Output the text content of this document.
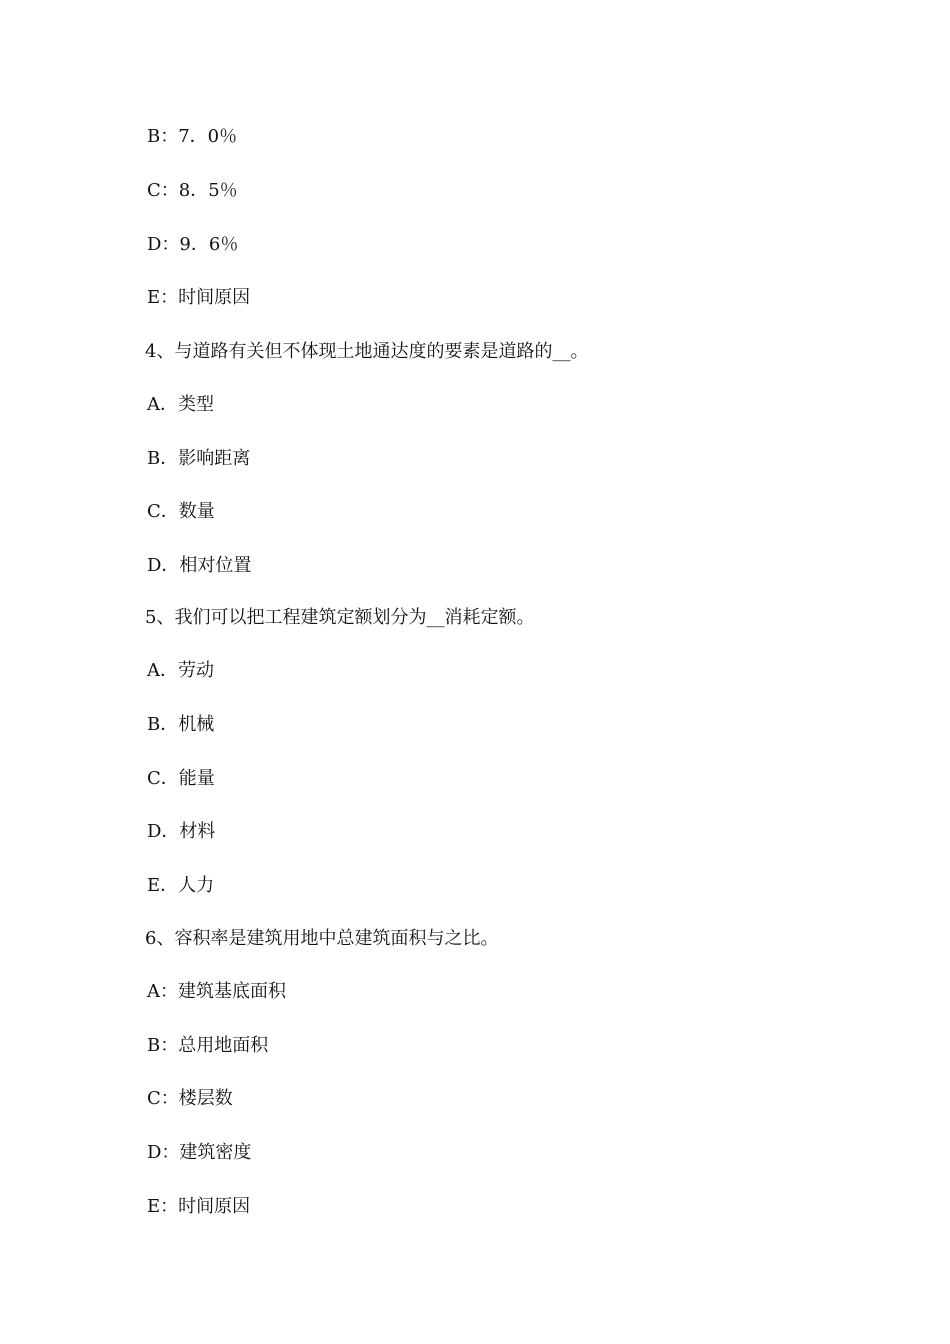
B：7．0％
C：8．5％
D：9．6％
E：时间原因
4、与道路有关但不体现土地通达度的要素是道路的__。
A．类型
B．影响距离
C．数量
D．相对位置
5、我们可以把工程建筑定额划分为__消耗定额。
A．劳动
B．机械
C．能量
D．材料
E．人力
6、容积率是建筑用地中总建筑面积与之比。
A：建筑基底面积
B：总用地面积
C：楼层数
D：建筑密度
E：时间原因
